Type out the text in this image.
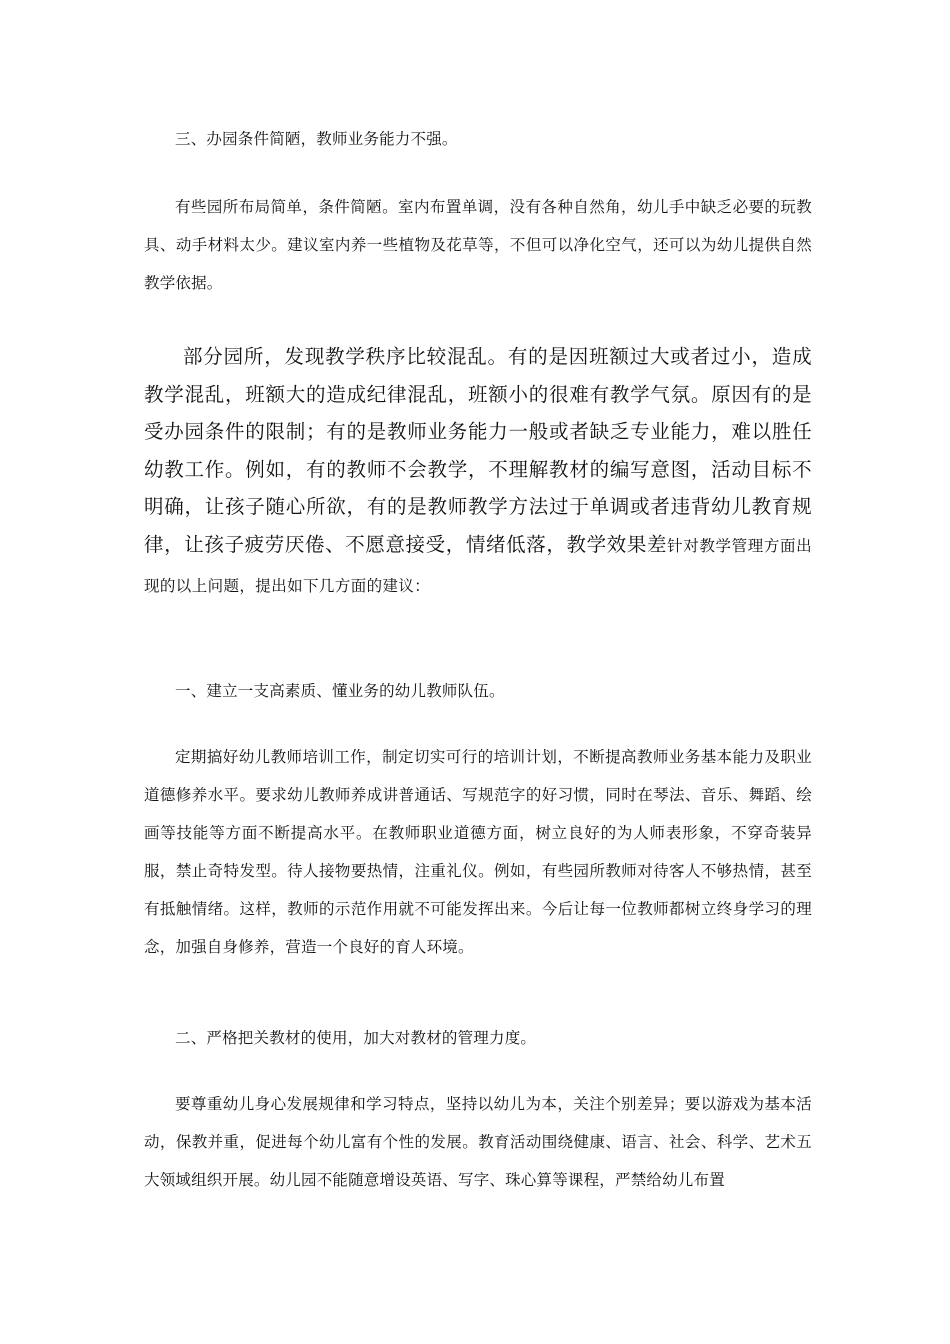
三、办园条件简陋，教师业务能力不强。

有些园所布局简单，条件简陋。室内布置单调，没有各种自然角，幼儿手中缺乏必要的玩教具、动手材料太少。建议室内养一些植物及花草等，不但可以净化空气，还可以为幼儿提供自然教学依据。

部分园所，发现教学秩序比较混乱。有的是因班额过大或者过小，造成教学混乱，班额大的造成纪律混乱，班额小的很难有教学气氛。原因有的是受办园条件的限制；有的是教师业务能力一般或者缺乏专业能力，难以胜任幼教工作。例如，有的教师不会教学，不理解教材的编写意图，活动目标不明确，让孩子随心所欲，有的是教师教学方法过于单调或者违背幼儿教育规律，让孩子疲劳厌倦、不愿意接受，情绪低落，教学效果差针对教学管理方面出现的以上问题，提出如下几方面的建议：

一、建立一支高素质、懂业务的幼儿教师队伍。

定期搞好幼儿教师培训工作，制定切实可行的培训计划，不断提高教师业务基本能力及职业道德修养水平。要求幼儿教师养成讲普通话、写规范字的好习惯，同时在琴法、音乐、舞蹈、绘画等技能等方面不断提高水平。在教师职业道德方面，树立良好的为人师表形象，不穿奇装异服，禁止奇特发型。待人接物要热情，注重礼仪。例如，有些园所教师对待客人不够热情，甚至有抵触情绪。这样，教师的示范作用就不可能发挥出来。今后让每一位教师都树立终身学习的理念，加强自身修养，营造一个良好的育人环境。

二、严格把关教材的使用，加大对教材的管理力度。

要尊重幼儿身心发展规律和学习特点，坚持以幼儿为本，关注个别差异；要以游戏为基本活动，保教并重，促进每个幼儿富有个性的发展。教育活动围绕健康、语言、社会、科学、艺术五大领域组织开展。幼儿园不能随意增设英语、写字、珠心算等课程，严禁给幼儿布置
